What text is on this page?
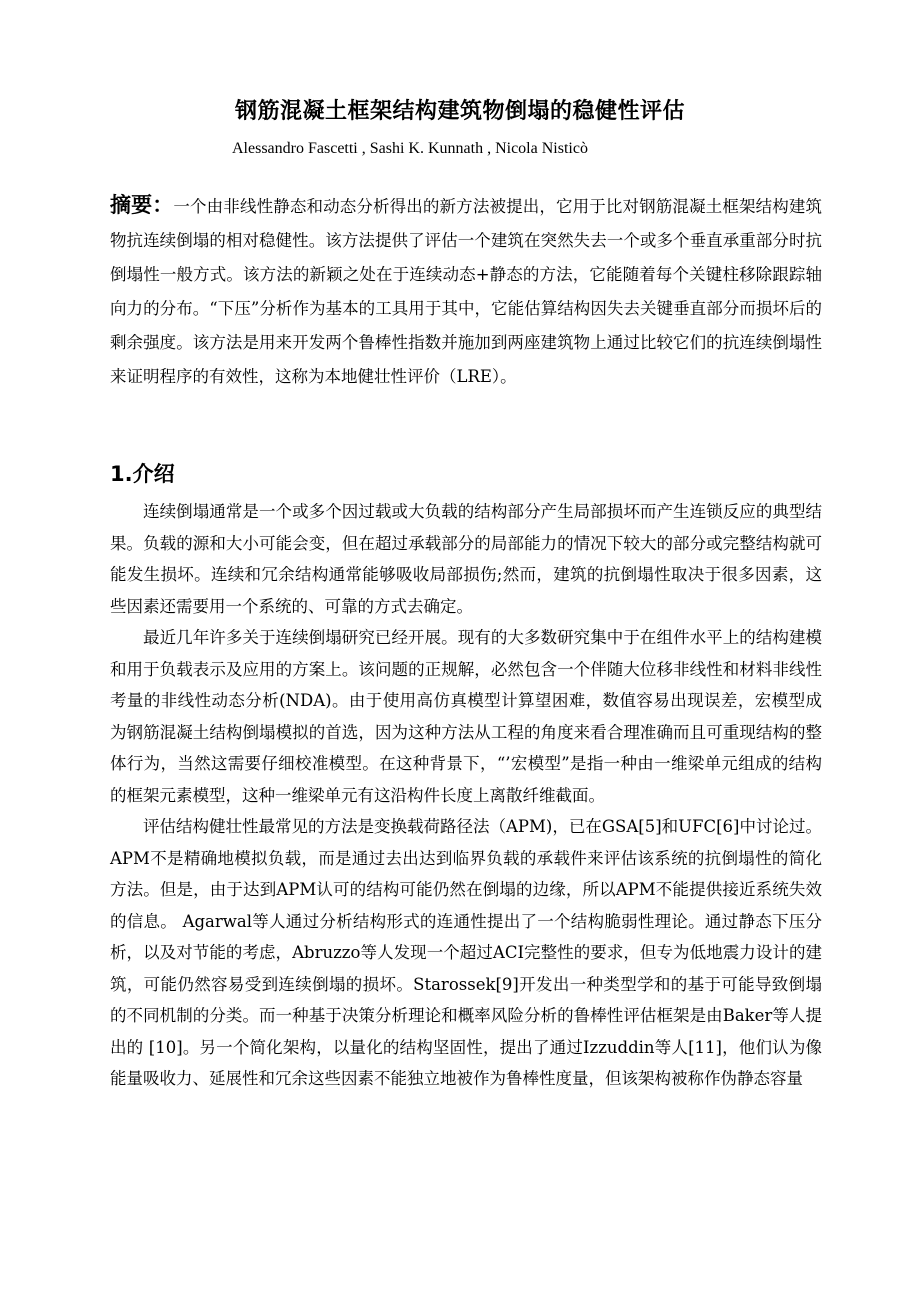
钢筋混凝土框架结构建筑物倒塌的稳健性评估
Alessandro Fascetti , Sashi K. Kunnath , Nicola Nisticò

摘要：一个由非线性静态和动态分析得出的新方法被提出，它用于比对钢筋混凝土框架结构建筑物抗连续倒塌的相对稳健性。该方法提供了评估一个建筑在突然失去一个或多个垂直承重部分时抗倒塌性一般方式。该方法的新颖之处在于连续动态+静态的方法，它能随着每个关键柱移除跟踪轴向力的分布。“下压”分析作为基本的工具用于其中，它能估算结构因失去关键垂直部分而损坏后的剩余强度。该方法是用来开发两个鲁棒性指数并施加到两座建筑物上通过比较它们的抗连续倒塌性来证明程序的有效性，这称为本地健壮性评价（LRE）。

1.介绍

连续倒塌通常是一个或多个因过载或大负载的结构部分产生局部损坏而产生连锁反应的典型结果。负载的源和大小可能会变，但在超过承载部分的局部能力的情况下较大的部分或完整结构就可能发生损坏。连续和冗余结构通常能够吸收局部损伤;然而，建筑的抗倒塌性取决于很多因素，这些因素还需要用一个系统的、可靠的方式去确定。

最近几年许多关于连续倒塌研究已经开展。现有的大多数研究集中于在组件水平上的结构建模和用于负载表示及应用的方案上。该问题的正规解，必然包含一个伴随大位移非线性和材料非线性考量的非线性动态分析(NDA)。由于使用高仿真模型计算望困难，数值容易出现误差，宏模型成为钢筋混凝土结构倒塌模拟的首选，因为这种方法从工程的角度来看合理准确而且可重现结构的整体行为，当然这需要仔细校准模型。在这种背景下，“’宏模型”是指一种由一维梁单元组成的结构的框架元素模型，这种一维梁单元有这沿构件长度上离散纤维截面。

评估结构健壮性最常见的方法是变换载荷路径法（APM)，已在GSA[5]和UFC[6]中讨论过。 APM不是精确地模拟负载，而是通过去出达到临界负载的承载件来评估该系统的抗倒塌性的简化方法。但是，由于达到APM认可的结构可能仍然在倒塌的边缘，所以APM不能提供接近系统失效的信息。 Agarwal等人通过分析结构形式的连通性提出了一个结构脆弱性理论。通过静态下压分析，以及对节能的考虑，Abruzzo等人发现一个超过ACI完整性的要求，但专为低地震力设计的建筑，可能仍然容易受到连续倒塌的损坏。Starossek[9]开发出一种类型学和的基于可能导致倒塌的不同机制的分类。而一种基于决策分析理论和概率风险分析的鲁棒性评估框架是由Baker等人提出的 [10]。另一个简化架构，以量化的结构坚固性，提出了通过Izzuddin等人[11]，他们认为像能量吸收力、延展性和冗余这些因素不能独立地被作为鲁棒性度量，但该架构被称作伪静态容量
